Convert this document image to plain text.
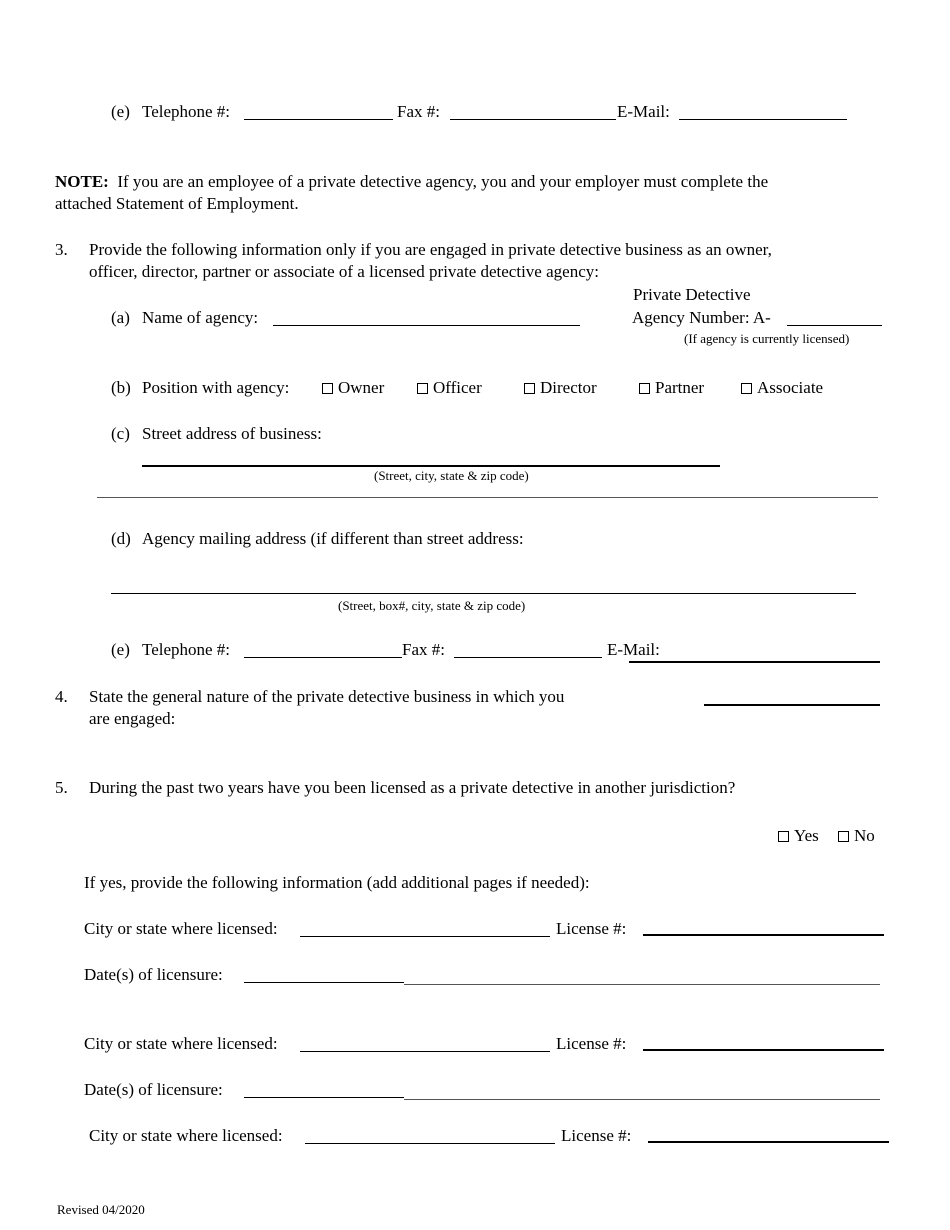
(e) Telephone #:	Fax #:	E-Mail:
NOTE: If you are an employee of a private detective agency, you and your employer must complete the
attached Statement of Employment.
3. Provide the following information only if you are engaged in private detective business as an owner,
officer, director, partner or associate of a licensed private detective agency:
Private Detective
(a) Name of agency:	Agency Number: A-
(If agency is currently licensed)
(b) Position with agency:	Owner	Officer	Director	Partner	Associate
(c) Street address of business:
(Street, city, state & zip code)
(d) Agency mailing address (if different than street address:
(Street, box#, city, state & zip code)
(e) Telephone #:	Fax #:	E-Mail:
4. State the general nature of the private detective business in which you
are engaged:
5. During the past two years have you been licensed as a private detective in another jurisdiction?
Yes	No
If yes, provide the following information (add additional pages if needed):
City or state where licensed:	License #:
Date(s) of licensure:
City or state where licensed:	License #:
Date(s) of licensure:
City or state where licensed:	License #:
Revised 04/2020
